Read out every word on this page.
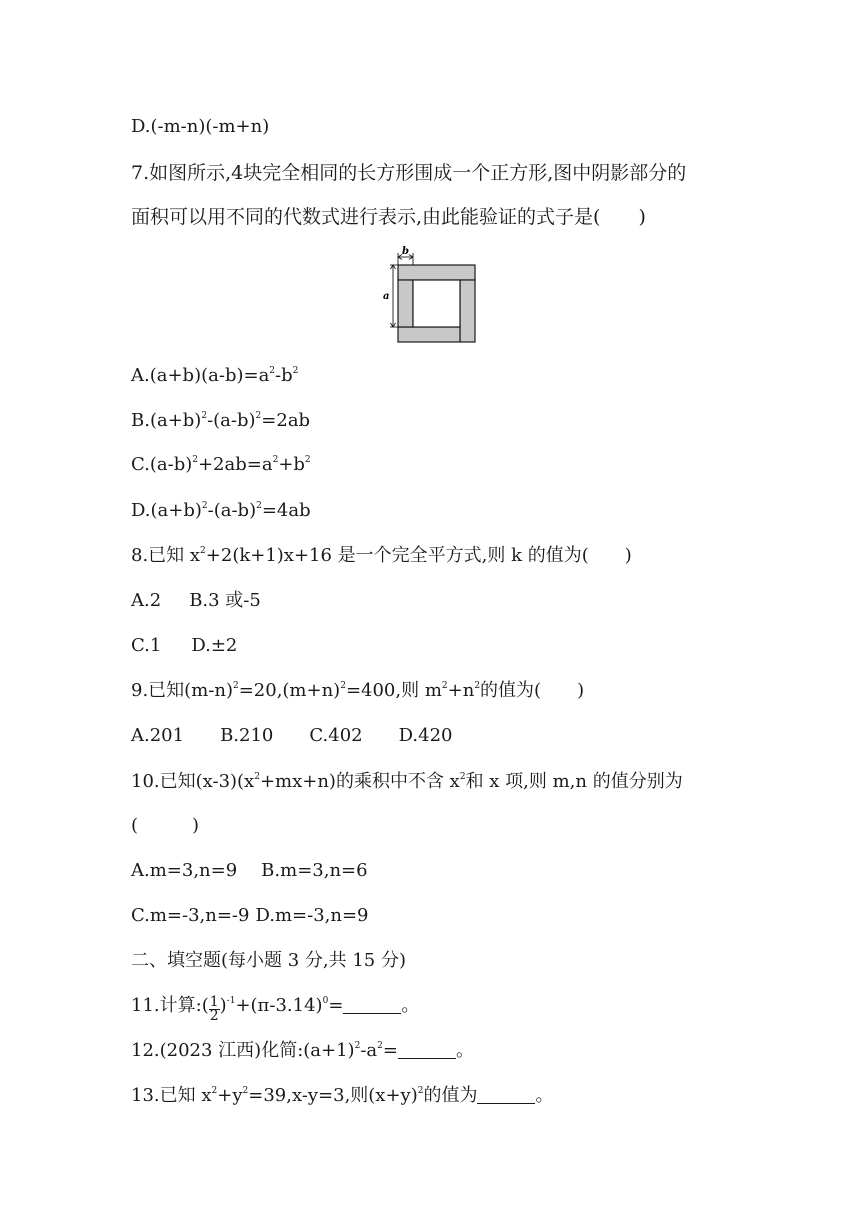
D.(-m-n)(-m+n)
7.如图所示,4块完全相同的长方形围成一个正方形,图中阴影部分的
面积可以用不同的代数式进行表示,由此能验证的式子是(　　)
b
a
$A.(a+b)(a-b)=a^2-b^2$
$B.(a+b)^2-(a-b)^2=2ab$
$C.(a-b)^2+2ab=a^2+b^2$
$D.(a+b)^2-(a-b)^2=4ab$
8.已知 $x^2+2(k+1)x+16$ 是一个完全平方式,则 k 的值为(　　)
A.2 B.3 或-5
C.1 D.±2
9.已知$(m-n)^2=20,(m+n)^2=400$,则 $m^2+n^2$的值为(　　)
A.201 B.210 C.402 D.420
10.已知$(x-3)(x^2+mx+n)$的乘积中不含 $x^2$和 x 项,则 m,n 的值分别为
(　　　)
A.m=3,n=9 B.m=3,n=6
C.m=-3,n=-9 D.m=-3,n=9
二、填空题(每小题 3 分,共 15 分)
11.计算:( $\frac{1}{2} )^{-1}+(\pi-3.14)^0=$	。
12.(2023 江西)化简$:(a+1)^2-a^2=$	。
13.已知 $x^2+y^2=39,x-y=3$,则$(x+y)^2$的值为	。
